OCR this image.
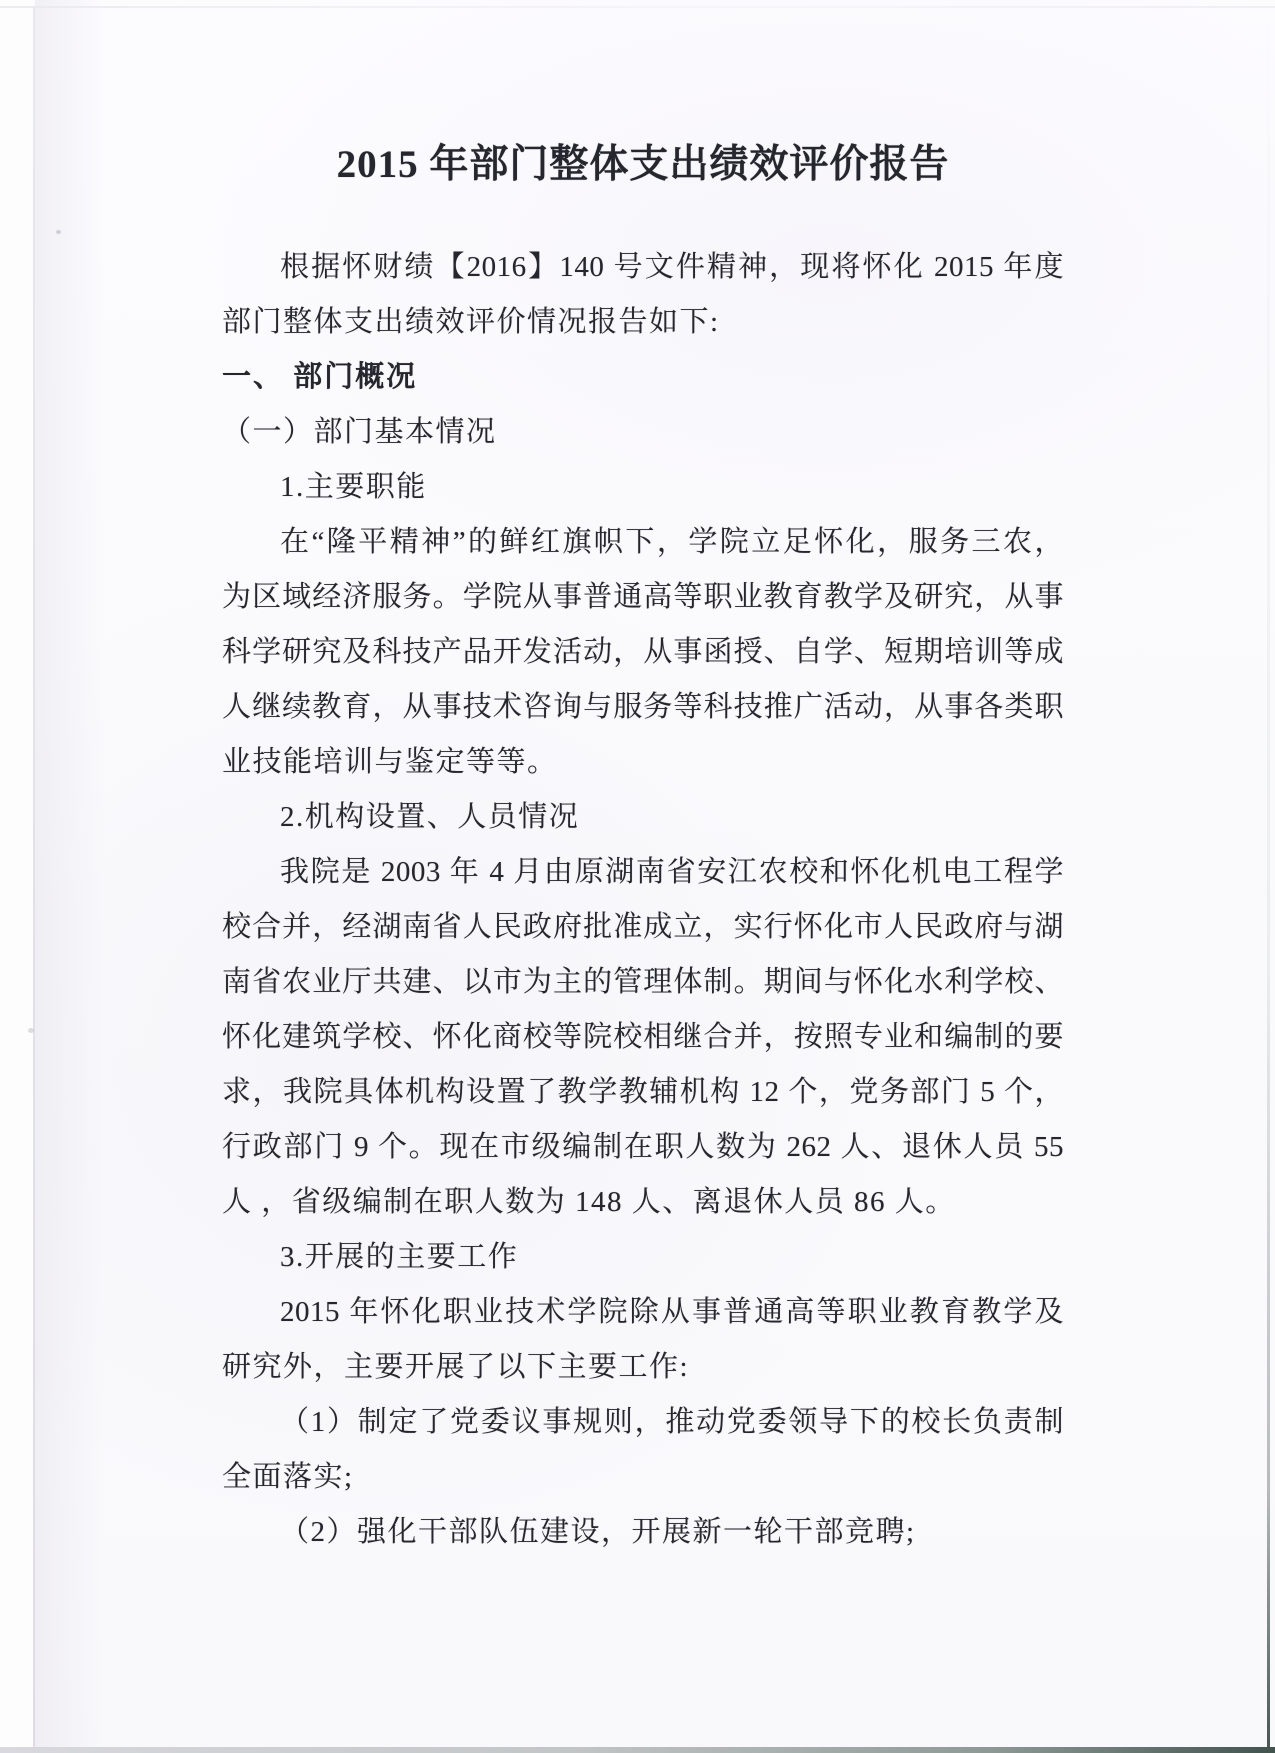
2015 年部门整体支出绩效评价报告
根据怀财绩【2016】140 号文件精神，现将怀化 2015 年度
部门整体支出绩效评价情况报告如下:
一、 部门概况
（一）部门基本情况
1.主要职能
在“隆平精神”的鲜红旗帜下，学院立足怀化，服务三农，
为区域经济服务。学院从事普通高等职业教育教学及研究，从事
科学研究及科技产品开发活动，从事函授、自学、短期培训等成
人继续教育，从事技术咨询与服务等科技推广活动，从事各类职
业技能培训与鉴定等等。
2.机构设置、人员情况
我院是 2003 年 4 月由原湖南省安江农校和怀化机电工程学
校合并，经湖南省人民政府批准成立，实行怀化市人民政府与湖
南省农业厅共建、以市为主的管理体制。期间与怀化水利学校、
怀化建筑学校、怀化商校等院校相继合并，按照专业和编制的要
求，我院具体机构设置了教学教辅机构 12 个，党务部门 5 个，
行政部门 9 个。现在市级编制在职人数为 262 人、退休人员 55
人 ，省级编制在职人数为 148 人、离退休人员 86 人。
3.开展的主要工作
2015 年怀化职业技术学院除从事普通高等职业教育教学及
研究外，主要开展了以下主要工作:
（1）制定了党委议事规则，推动党委领导下的校长负责制
全面落实;
（2）强化干部队伍建设，开展新一轮干部竞聘;
